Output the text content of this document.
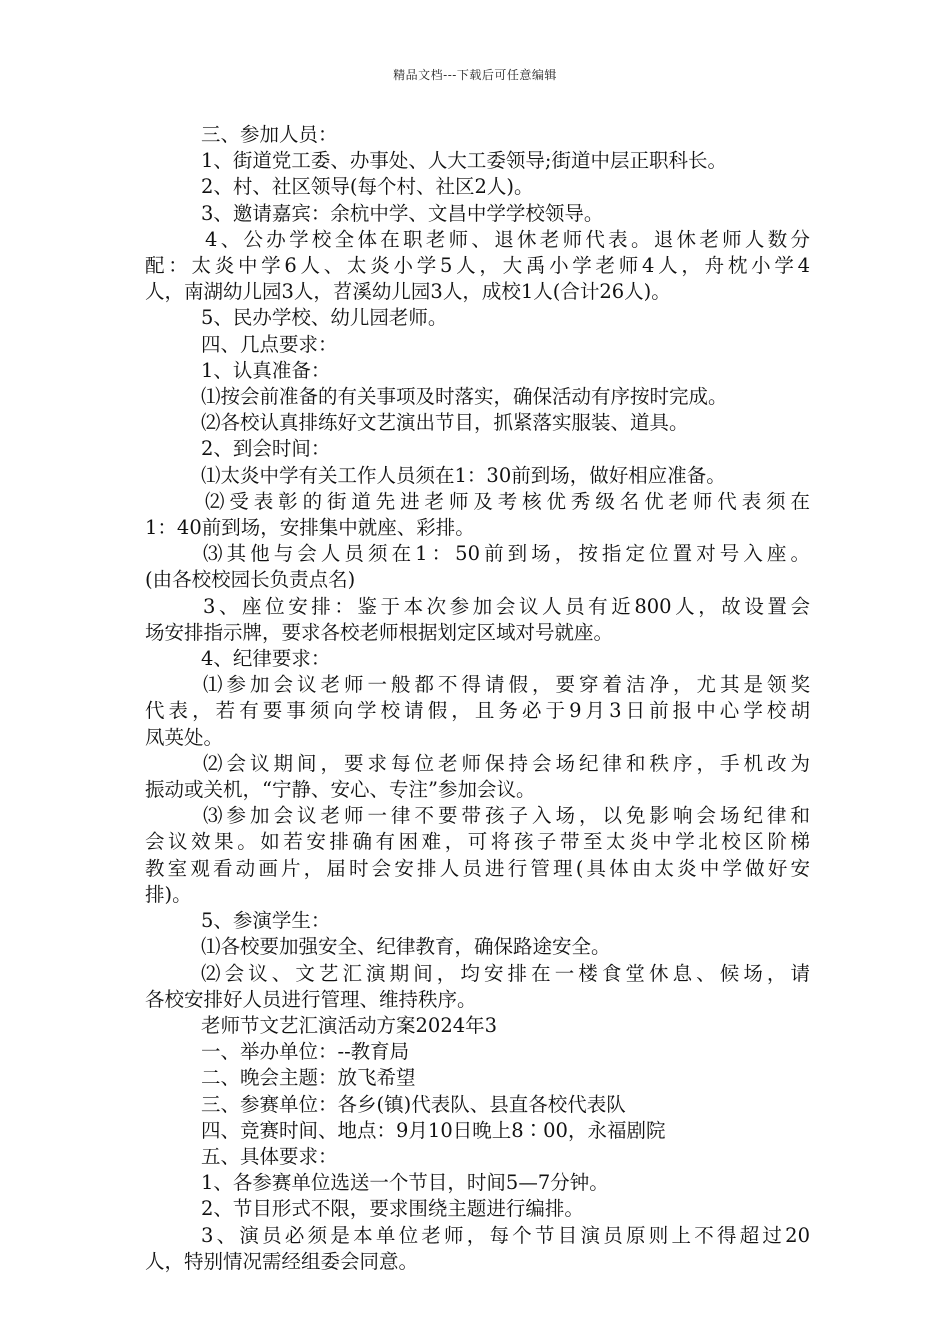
精品文档---下载后可任意编辑
三、参加人员：
1、街道党工委、办事处、人大工委领导;街道中层正职科长。
2、村、社区领导(每个村、社区2人)。
3、邀请嘉宾：余杭中学、文昌中学学校领导。
4、公办学校全体在职老师、退休老师代表。退休老师人数分
配：太炎中学6人、太炎小学5人，大禹小学老师4人，舟枕小学4
人，南湖幼儿园3人，苕溪幼儿园3人，成校1人(合计26人)。
5、民办学校、幼儿园老师。
四、几点要求：
1、认真准备：
⑴按会前准备的有关事项及时落实，确保活动有序按时完成。
⑵各校认真排练好文艺演出节目，抓紧落实服装、道具。
2、到会时间：
⑴太炎中学有关工作人员须在1：30前到场，做好相应准备。
⑵受表彰的街道先进老师及考核优秀级名优老师代表须在
1：40前到场，安排集中就座、彩排。
⑶其他与会人员须在1：50前到场，按指定位置对号入座。
(由各校校园长负责点名)
3、座位安排：鉴于本次参加会议人员有近800人，故设置会
场安排指示牌，要求各校老师根据划定区域对号就座。
4、纪律要求：
⑴参加会议老师一般都不得请假，要穿着洁净，尤其是领奖
代表，若有要事须向学校请假，且务必于9月3日前报中心学校胡
凤英处。
⑵会议期间，要求每位老师保持会场纪律和秩序，手机改为
振动或关机，“宁静、安心、专注”参加会议。
⑶参加会议老师一律不要带孩子入场，以免影响会场纪律和
会议效果。如若安排确有困难，可将孩子带至太炎中学北校区阶梯
教室观看动画片，届时会安排人员进行管理(具体由太炎中学做好安
排)。
5、参演学生：
⑴各校要加强安全、纪律教育，确保路途安全。
⑵会议、文艺汇演期间，均安排在一楼食堂休息、候场，请
各校安排好人员进行管理、维持秩序。
老师节文艺汇演活动方案2024年3
一、举办单位：--教育局
二、晚会主题：放飞希望
三、参赛单位：各乡(镇)代表队、县直各校代表队
四、竞赛时间、地点：9月10日晚上8∶00，永福剧院
五、具体要求：
1、各参赛单位选送一个节目，时间5—7分钟。
2、节目形式不限，要求围绕主题进行编排。
3、演员必须是本单位老师，每个节目演员原则上不得超过20
人，特别情况需经组委会同意。
